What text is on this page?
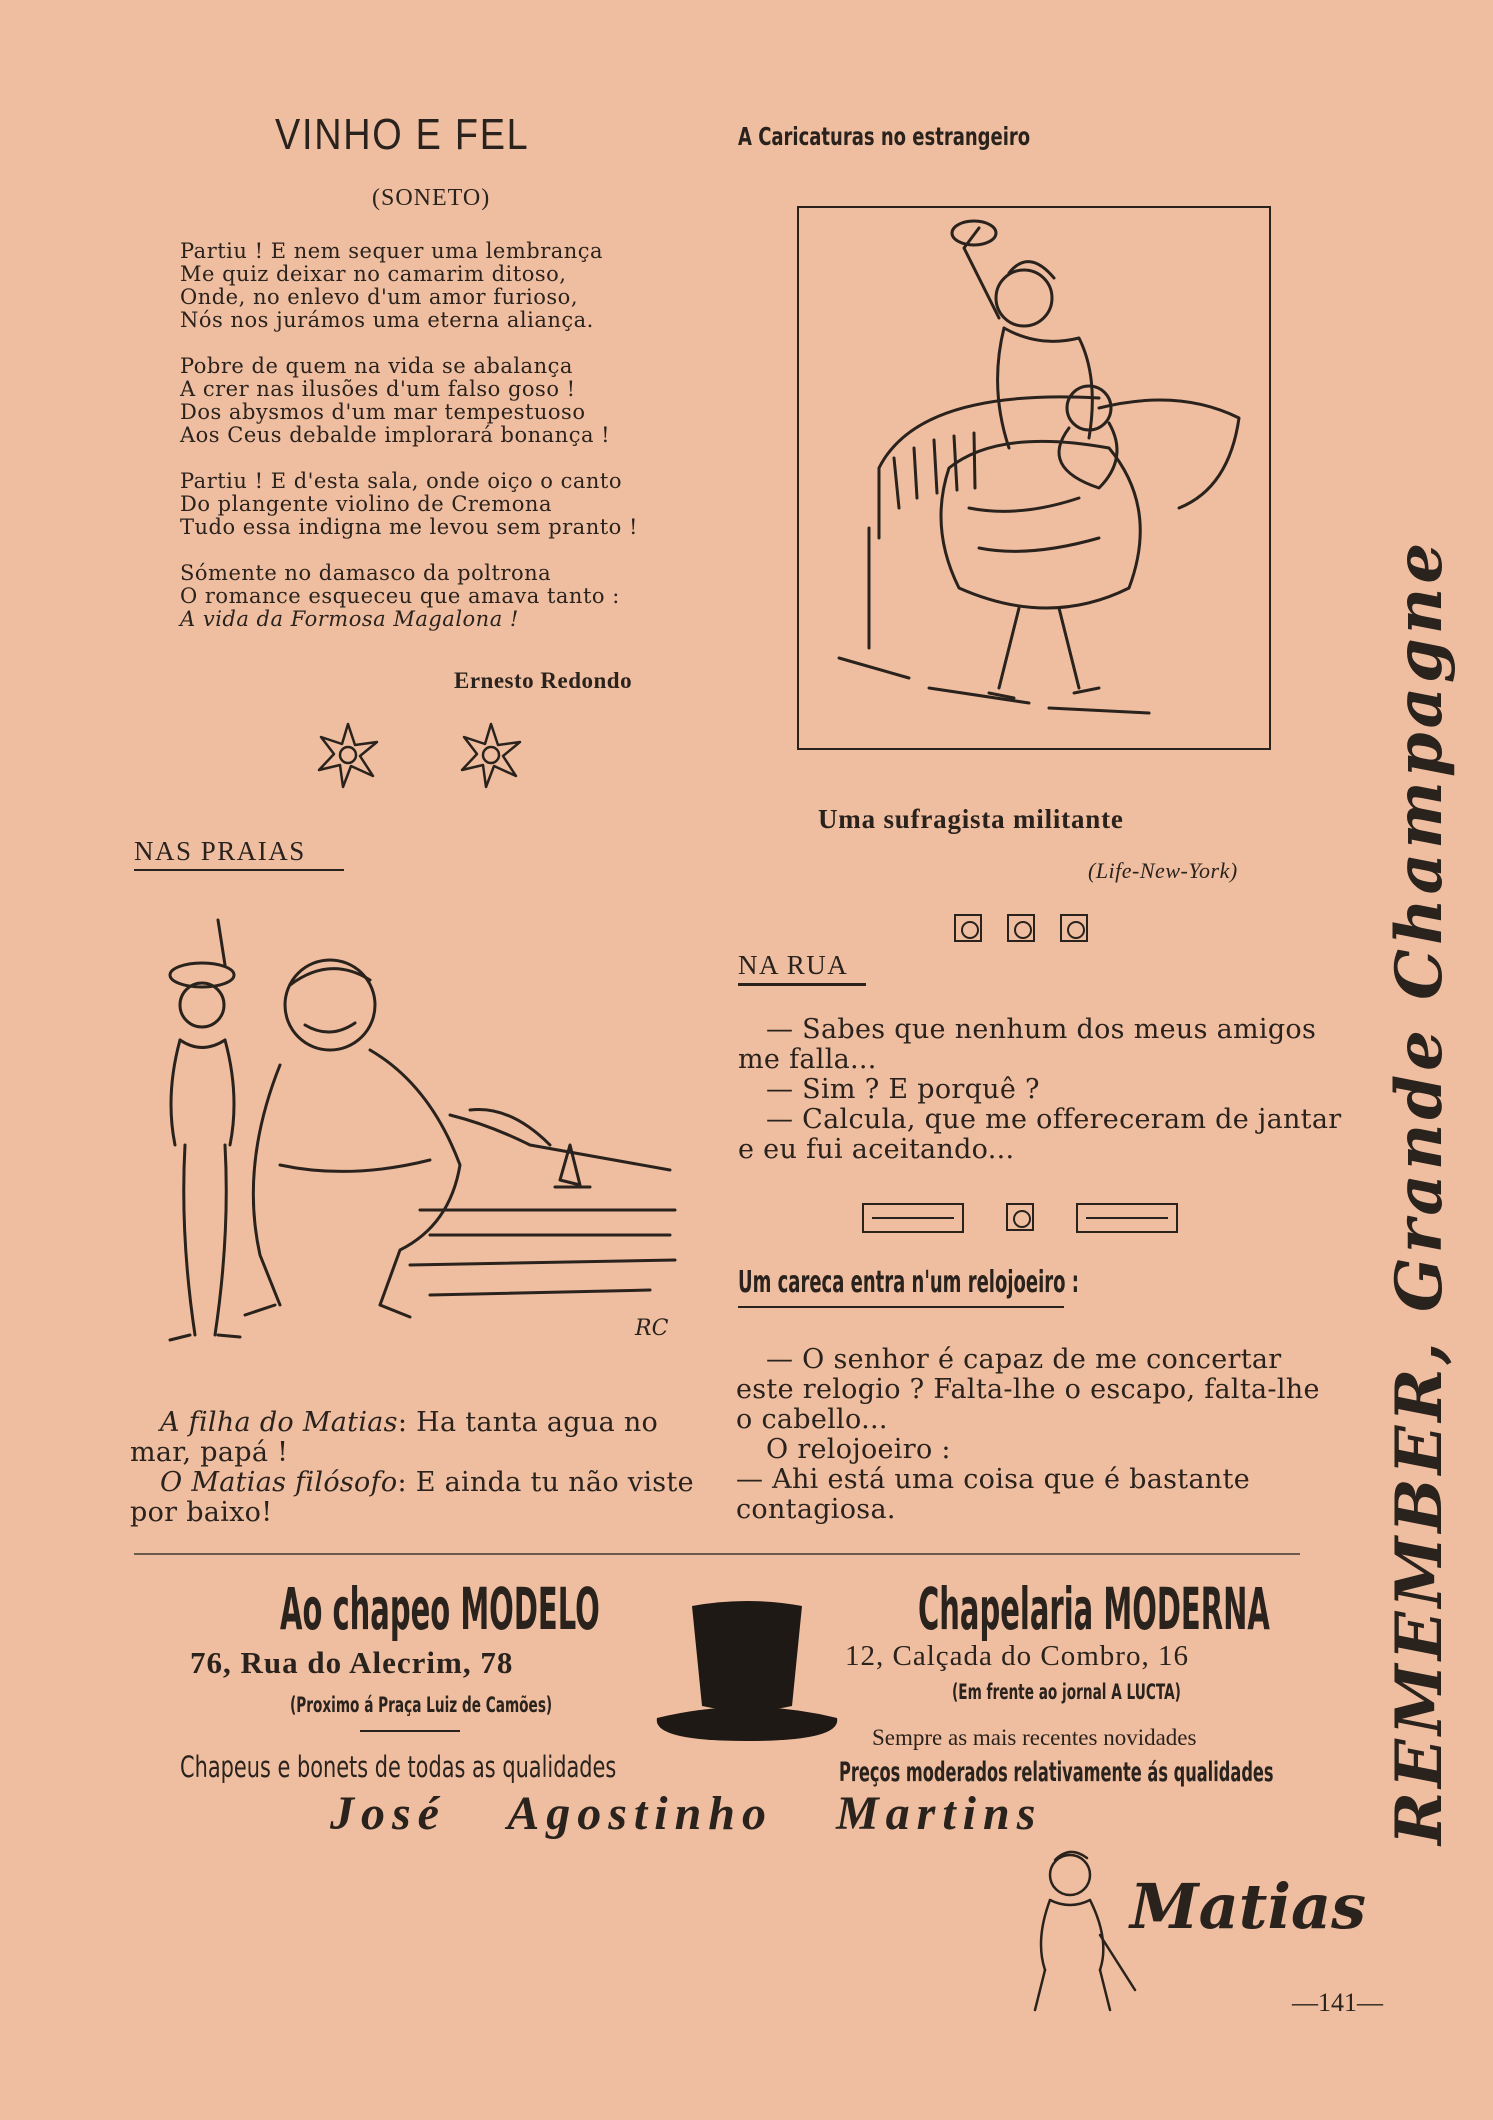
VINHO E FEL
(SONETO)
Partiu ! E nem sequer uma lembrança
Me quiz deixar no camarim ditoso,
Onde, no enlevo d'um amor furioso,
Nós nos jurámos uma eterna aliança.
Pobre de quem na vida se abalança
A crer nas ilusões d'um falso goso !
Dos abysmos d'um mar tempestuoso
Aos Ceus debalde implorará bonança !
Partiu ! E d'esta sala, onde oiço o canto
Do plangente violino de Cremona
Tudo essa indigna me levou sem pranto !
Sómente no damasco da poltrona
O romance esqueceu que amava tanto :
A vida da Formosa Magalona !
Ernesto Redondo
A Caricaturas no estrangeiro
Uma sufragista militante
(Life-New-York)
NAS PRAIAS
RC
A filha do Matias: Ha tanta agua no
mar, papá !
O Matias filósofo: E ainda tu não viste
por baixo!
NA RUA
— Sabes que nenhum dos meus amigos
me falla...
— Sim ? E porquê ?
— Calcula, que me offereceram de jantar
e eu fui aceitando...
Um careca entra n'um relojoeiro :
— O senhor é capaz de me concertar
este relogio ? Falta-lhe o escapo, falta-lhe
o cabello...
O relojoeiro :
— Ahi está uma coisa que é bastante
contagiosa.
Ao chapeo MODELO
76, Rua do Alecrim, 78
(Proximo á Praça Luiz de Camões)
Chapeus e bonets de todas as qualidades
Chapelaria MODERNA
12, Calçada do Combro, 16
(Em frente ao jornal A LUCTA)
Sempre as mais recentes novidades
Preços moderados relativamente ás qualidades
José Agostinho Martins	REMEMBER, Grande Champagne
Matias
—141—
